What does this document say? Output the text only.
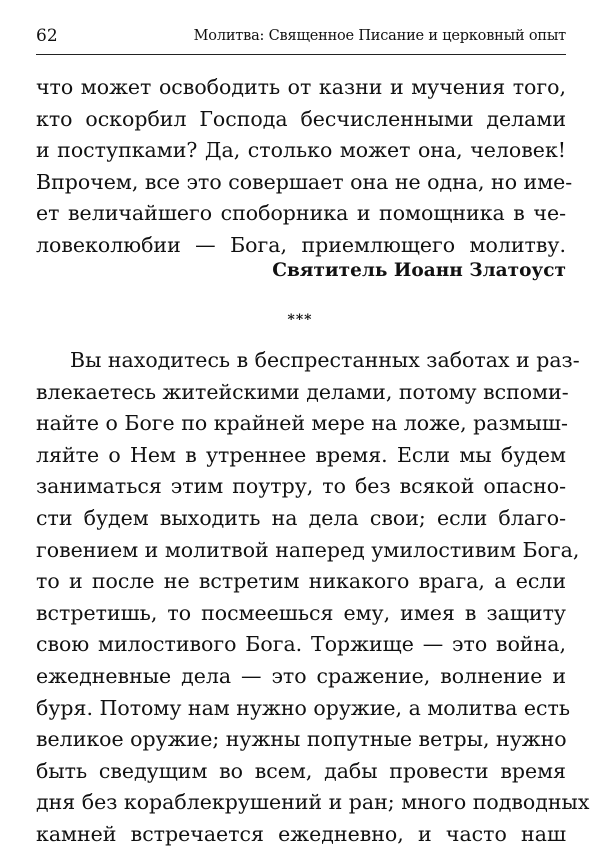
62	Молитва: Священное Писание и церковный опыт
что может освободить от казни и мучения того,
кто оскорбил Господа бесчисленными делами
и поступками? Да, столько может она, человек!
Впрочем, все это совершает она не одна, но име-
ет величайшего споборника и помощника в че-
ловеколюбии — Бога, приемлющего молитву.
Святитель Иоанн Златоуст
***
Вы находитесь в беспрестанных заботах и раз-
влекаетесь житейскими делами, потому вспоми-
найте о Боге по крайней мере на ложе, размыш-
ляйте о Нем в утреннее время. Если мы будем
заниматься этим поутру, то без всякой опасно-
сти будем выходить на дела свои; если благо-
говением и молитвой наперед умилостивим Бога,
то и после не встретим никакого врага, а если
встретишь, то посмеешься ему, имея в защиту
свою милостивого Бога. Торжище — это война,
ежедневные дела — это сражение, волнение и
буря. Потому нам нужно оружие, а молитва есть
великое оружие; нужны попутные ветры, нужно
быть сведущим во всем, дабы провести время
дня без кораблекрушений и ран; много подводных
камней встречается ежедневно, и часто наш
